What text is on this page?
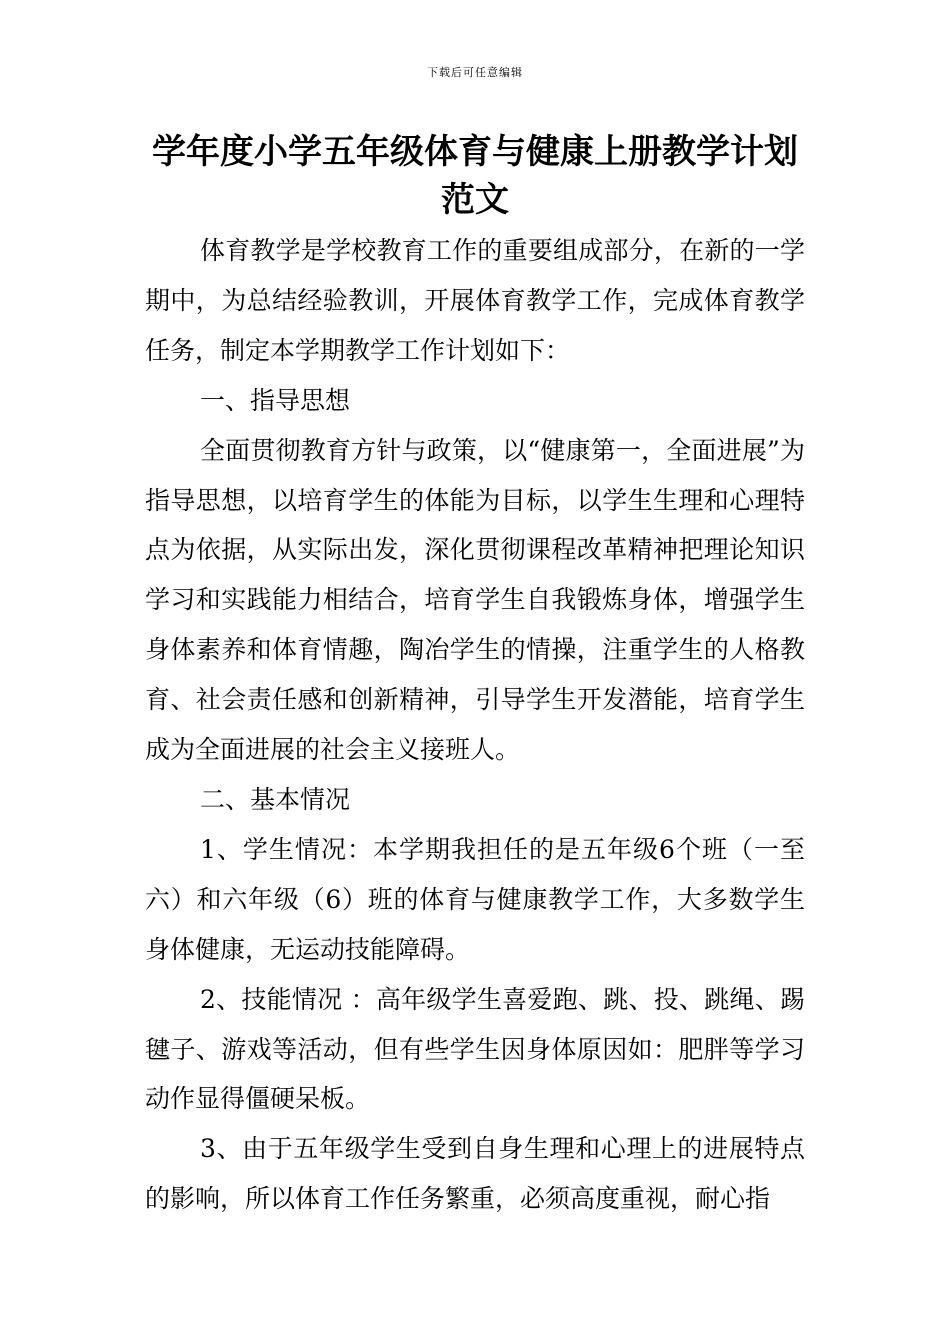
下载后可任意编辑
学年度小学五年级体育与健康上册教学计划范文

体育教学是学校教育工作的重要组成部分，在新的一学期中，为总结经验教训，开展体育教学工作，完成体育教学任务，制定本学期教学工作计划如下：

一、指导思想

全面贯彻教育方针与政策，以“健康第一，全面进展”为指导思想，以培育学生的体能为目标，以学生生理和心理特点为依据，从实际出发，深化贯彻课程改革精神把理论知识学习和实践能力相结合，培育学生自我锻炼身体，增强学生身体素养和体育情趣，陶冶学生的情操，注重学生的人格教育、社会责任感和创新精神，引导学生开发潜能，培育学生成为全面进展的社会主义接班人。

二、基本情况

1、学生情况：本学期我担任的是五年级6个班（一至六）和六年级（6）班的体育与健康教学工作，大多数学生身体健康，无运动技能障碍。

2、技能情况 ：高年级学生喜爱跑、跳、投、跳绳、踢毽子、游戏等活动，但有些学生因身体原因如：肥胖等学习动作显得僵硬呆板。

3、由于五年级学生受到自身生理和心理上的进展特点的影响，所以体育工作任务繁重，必须高度重视，耐心指
